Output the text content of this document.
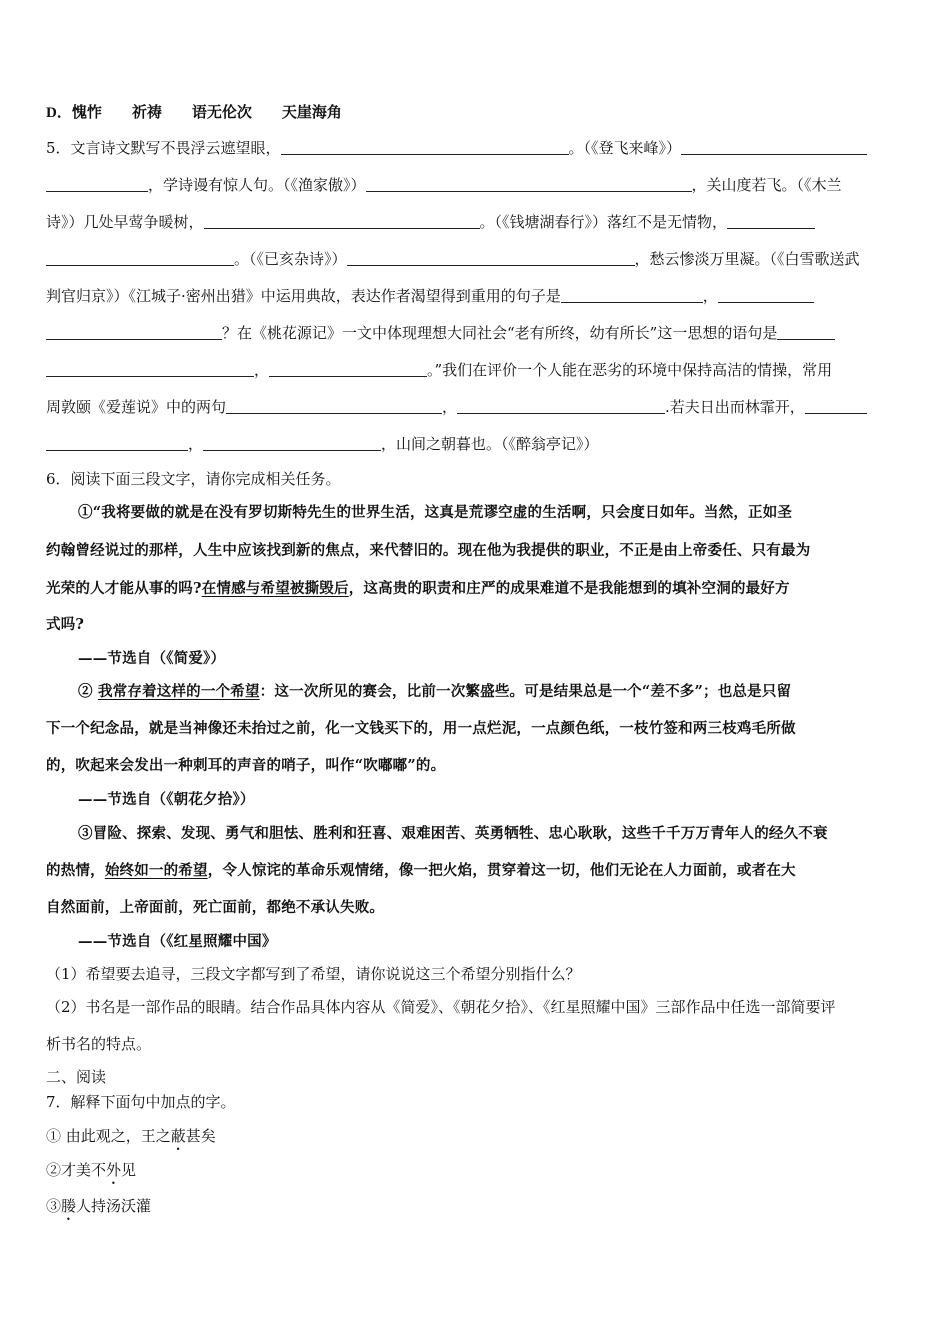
D．愧怍 祈祷 语无伦次 天崖海角
5．文言诗文默写不畏浮云遮望眼，	。（《登飞来峰》）
，学诗谩有惊人句。（《渔家傲》）	，关山度若飞。（《木兰
诗》）几处早莺争暖树，	。（《钱塘湖春行》）落红不是无情物，
。（《已亥杂诗》）	，愁云惨淡万里凝。（《白雪歌送武
判官归京》）《江城子·密州出猎》中运用典故，表达作者渴望得到重用的句子是	，
？在《桃花源记》一文中体现理想大同社会“老有所终，幼有所长”这一思想的语句是
，	。”我们在评价一个人能在恶劣的环境中保持高洁的情操，常用
周敦颐《爱莲说》中的两句	，	.若夫日出而林霏开，
，	，山间之朝暮也。（《醉翁亭记》）
6．阅读下面三段文字，请你完成相关任务。
①“我将要做的就是在没有罗切斯特先生的世界生活，这真是荒谬空虚的生活啊，只会度日如年。当然，正如圣
约翰曾经说过的那样，人生中应该找到新的焦点，来代替旧的。现在他为我提供的职业，不正是由上帝委任、只有最为
光荣的人才能从事的吗?在情感与希望被撕毁后，这高贵的职责和庄严的成果难道不是我能想到的填补空洞的最好方
式吗?
——节选自（《简爱》）
② 我常存着这样的一个希望：这一次所见的赛会，比前一次繁盛些。可是结果总是一个“差不多”；也总是只留
下一个纪念品，就是当神像还未抬过之前，化一文钱买下的，用一点烂泥，一点颜色纸，一枝竹签和两三枝鸡毛所做
的，吹起来会发出一种刺耳的声音的哨子，叫作“吹嘟嘟”的。
——节选自（《朝花夕拾》）
③冒险、探索、发现、勇气和胆怯、胜利和狂喜、艰难困苦、英勇牺牲、忠心耿耿，这些千千万万青年人的经久不衰
的热情，始终如一的希望，令人惊诧的革命乐观情绪，像一把火焰，贯穿着这一切，他们无论在人力面前，或者在大
自然面前，上帝面前，死亡面前，都绝不承认失败。
——节选自（《红星照耀中国》
（1）希望要去追寻，三段文字都写到了希望，请你说说这三个希望分别指什么？
（2）书名是一部作品的眼睛。结合作品具体内容从《简爱》、《朝花夕拾》、《红星照耀中国》三部作品中任选一部简要评
析书名的特点。
二、阅读
7．解释下面句中加点的字。
① 由此观之，王之蔽甚矣
②才美不外见
③媵人持汤沃灌
